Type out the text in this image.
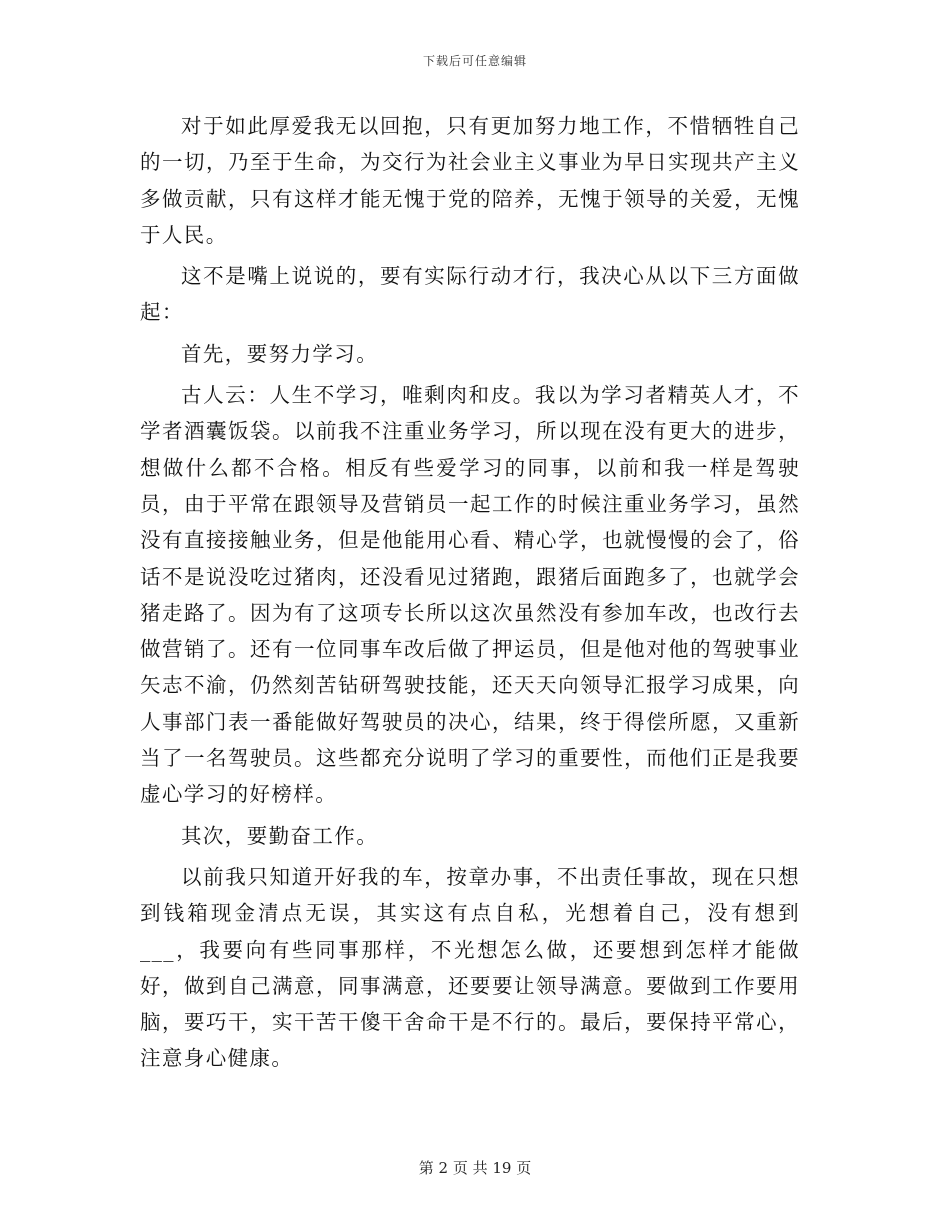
下载后可任意编辑

对于如此厚爱我无以回抱，只有更加努力地工作，不惜牺牲自己的一切，乃至于生命，为交行为社会业主义事业为早日实现共产主义多做贡献，只有这样才能无愧于党的陪养，无愧于领导的关爱，无愧于人民。

这不是嘴上说说的，要有实际行动才行，我决心从以下三方面做起：

首先，要努力学习。

古人云：人生不学习，唯剩肉和皮。我以为学习者精英人才，不学者酒囊饭袋。以前我不注重业务学习，所以现在没有更大的进步，想做什么都不合格。相反有些爱学习的同事，以前和我一样是驾驶员，由于平常在跟领导及营销员一起工作的时候注重业务学习，虽然没有直接接触业务，但是他能用心看、精心学，也就慢慢的会了，俗话不是说没吃过猪肉，还没看见过猪跑，跟猪后面跑多了，也就学会猪走路了。因为有了这项专长所以这次虽然没有参加车改，也改行去做营销了。还有一位同事车改后做了押运员，但是他对他的驾驶事业矢志不渝，仍然刻苦钻研驾驶技能，还天天向领导汇报学习成果，向人事部门表一番能做好驾驶员的决心，结果，终于得偿所愿，又重新当了一名驾驶员。这些都充分说明了学习的重要性，而他们正是我要虚心学习的好榜样。

其次，要勤奋工作。

以前我只知道开好我的车，按章办事，不出责任事故，现在只想到钱箱现金清点无误，其实这有点自私，光想着自己，没有想到___，我要向有些同事那样，不光想怎么做，还要想到怎样才能做好，做到自己满意，同事满意，还要要让领导满意。要做到工作要用脑，要巧干，实干苦干傻干舍命干是不行的。最后，要保持平常心，注意身心健康。

第 2 页 共 19 页
